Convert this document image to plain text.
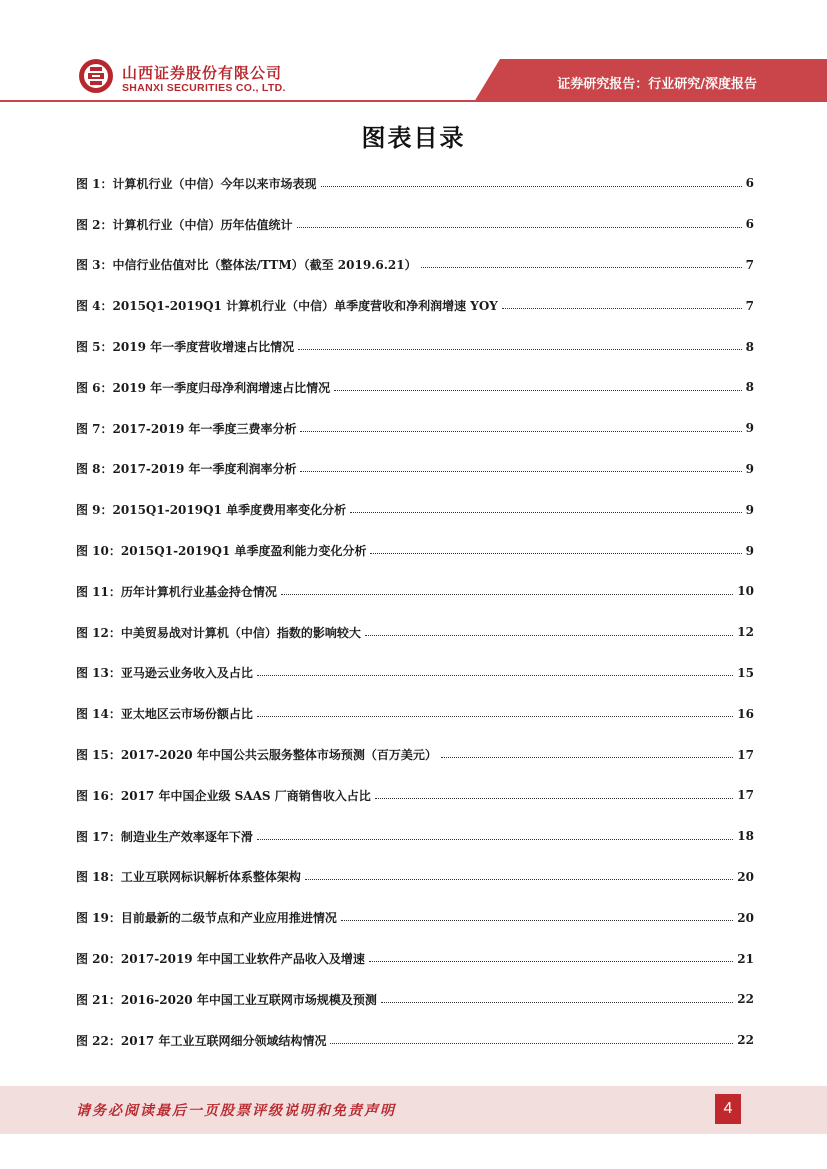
山西证券股份有限公司
SHANXI SECURITIES CO., LTD.	证券研究报告：行业研究/深度报告
图表目录
图 1：计算机行业（中信）今年以来市场表现	6
图 2：计算机行业（中信）历年估值统计	6
图 3：中信行业估值对比（整体法/TTM）（截至 2019.6.21）	7
图 4：2015Q1-2019Q1 计算机行业（中信）单季度营收和净利润增速 YOY	7
图 5：2019 年一季度营收增速占比情况	8
图 6：2019 年一季度归母净利润增速占比情况	8
图 7：2017-2019 年一季度三费率分析	9
图 8：2017-2019 年一季度利润率分析	9
图 9：2015Q1-2019Q1 单季度费用率变化分析	9
图 10：2015Q1-2019Q1 单季度盈利能力变化分析	9
图 11：历年计算机行业基金持仓情况	10
图 12：中美贸易战对计算机（中信）指数的影响较大	12
图 13：亚马逊云业务收入及占比	15
图 14：亚太地区云市场份额占比	16
图 15：2017-2020 年中国公共云服务整体市场预测（百万美元）	17
图 16：2017 年中国企业级 SAAS 厂商销售收入占比	17
图 17：制造业生产效率逐年下滑	18
图 18：工业互联网标识解析体系整体架构	20
图 19：目前最新的二级节点和产业应用推进情况	20
图 20：2017-2019 年中国工业软件产品收入及增速	21
图 21：2016-2020 年中国工业互联网市场规模及预测	22
图 22：2017 年工业互联网细分领域结构情况	22
请务必阅读最后一页股票评级说明和免责声明	4
